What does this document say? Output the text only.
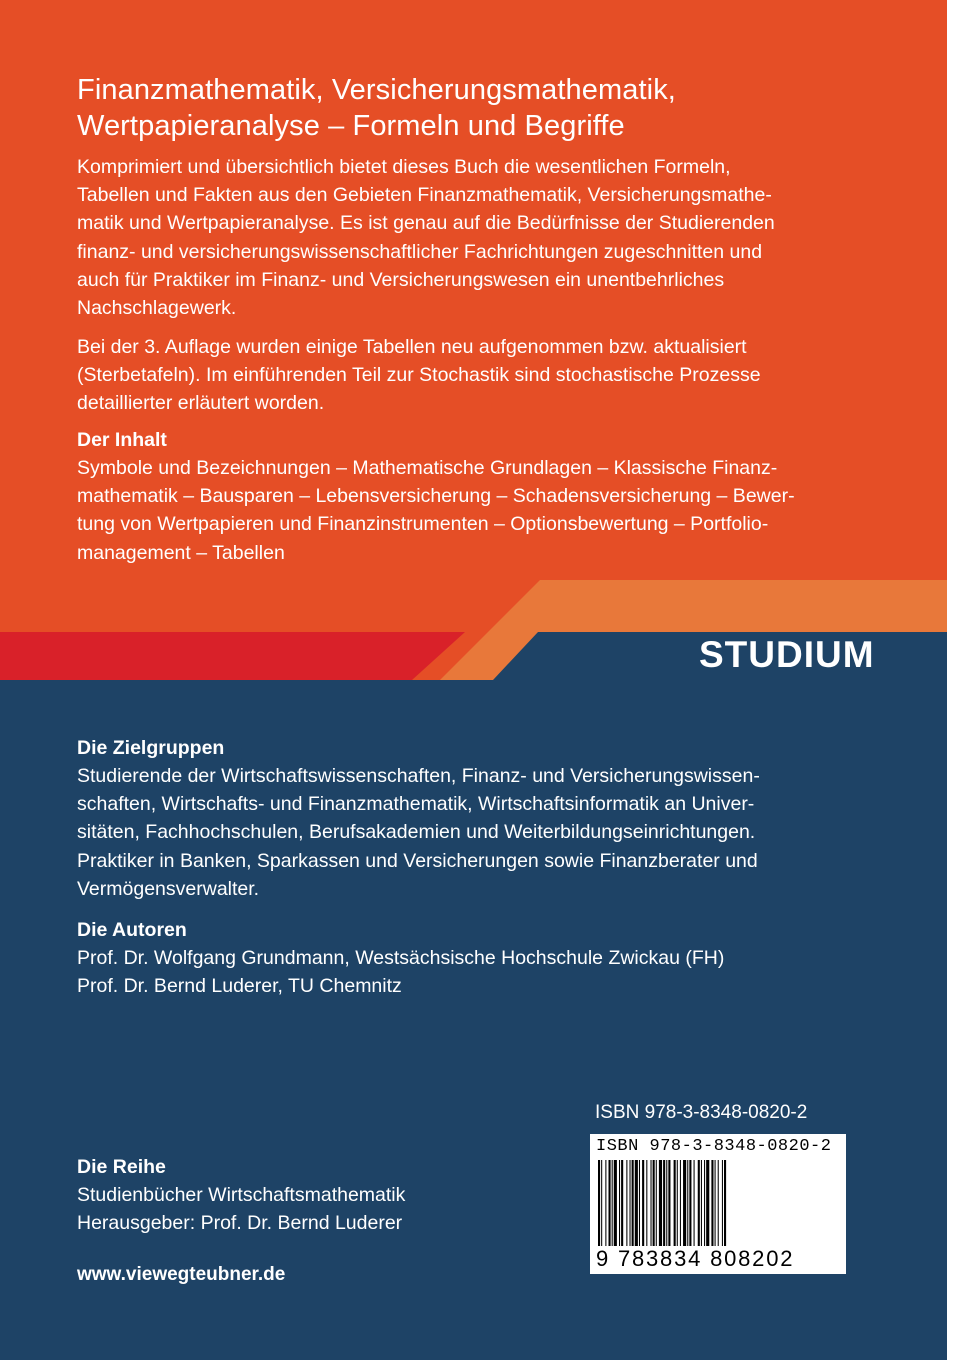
Finanzmathematik, Versicherungsmathematik,
Wertpapieranalyse – Formeln und Begriffe

Komprimiert und übersichtlich bietet dieses Buch die wesentlichen Formeln,
Tabellen und Fakten aus den Gebieten Finanzmathematik, Versicherungsmathe-
matik und Wertpapieranalyse. Es ist genau auf die Bedürfnisse der Studierenden
finanz- und versicherungswissenschaftlicher Fachrichtungen zugeschnitten und
auch für Praktiker im Finanz- und Versicherungswesen ein unentbehrliches
Nachschlagewerk.

Bei der 3. Auflage wurden einige Tabellen neu aufgenommen bzw. aktualisiert
(Sterbetafeln). Im einführenden Teil zur Stochastik sind stochastische Prozesse
detaillierter erläutert worden.

Der Inhalt

Symbole und Bezeichnungen – Mathematische Grundlagen – Klassische Finanz-
mathematik – Bausparen – Lebensversicherung – Schadensversicherung – Bewer-
tung von Wertpapieren und Finanzinstrumenten – Optionsbewertung – Portfolio-
management – Tabellen

STUDIUM

Die Zielgruppen

Studierende der Wirtschaftswissenschaften, Finanz- und Versicherungswissen-
schaften, Wirtschafts- und Finanzmathematik, Wirtschaftsinformatik an Univer-
sitäten, Fachhochschulen, Berufsakademien und Weiterbildungseinrichtungen.
Praktiker in Banken, Sparkassen und Versicherungen sowie Finanzberater und
Vermögensverwalter.

Die Autoren

Prof. Dr. Wolfgang Grundmann, Westsächsische Hochschule Zwickau (FH)
Prof. Dr. Bernd Luderer, TU Chemnitz

ISBN 978-3-8348-0820-2
ISBN 978-3-8348-0820-2
9 783834 808202

Die Reihe

Studienbücher Wirtschaftsmathematik
Herausgeber: Prof. Dr. Bernd Luderer

www.viewegteubner.de
